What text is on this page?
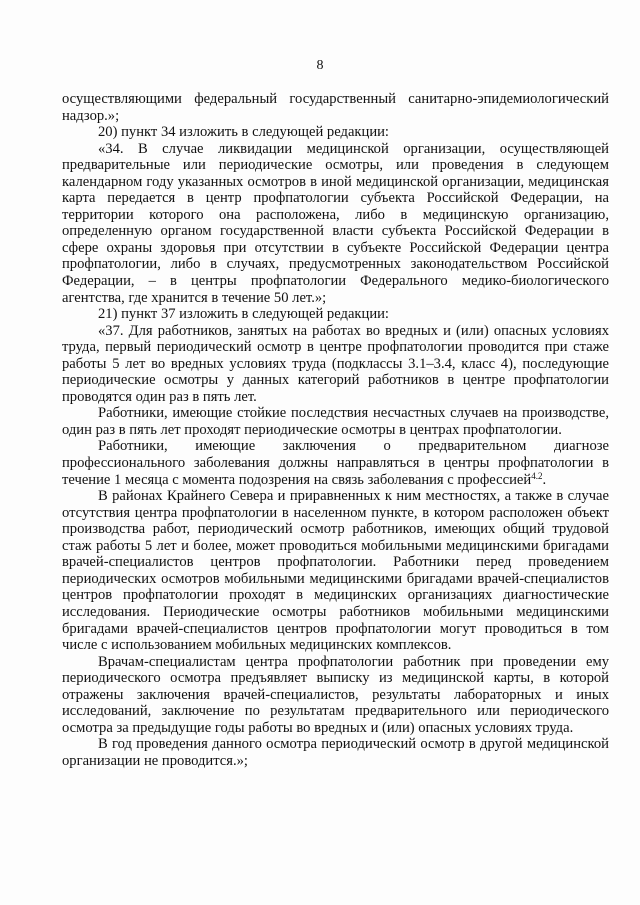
8

осуществляющими федеральный государственный санитарно-эпидемиологический надзор.»;

20) пункт 34 изложить в следующей редакции:

«34. В случае ликвидации медицинской организации, осуществляющей предварительные или периодические осмотры, или проведения в следующем календарном году указанных осмотров в иной медицинской организации, медицинская карта передается в центр профпатологии субъекта Российской Федерации, на территории которого она расположена, либо в медицинскую организацию, определенную органом государственной власти субъекта Российской Федерации в сфере охраны здоровья при отсутствии в субъекте Российской Федерации центра профпатологии, либо в случаях, предусмотренных законодательством Российской Федерации, – в центры профпатологии Федерального медико-биологического агентства, где хранится в течение 50 лет.»;

21) пункт 37 изложить в следующей редакции:

«37. Для работников, занятых на работах во вредных и (или) опасных условиях труда, первый периодический осмотр в центре профпатологии проводится при стаже работы 5 лет во вредных условиях труда (подклассы 3.1–3.4, класс 4), последующие периодические осмотры у данных категорий работников в центре профпатологии проводятся один раз в пять лет.

Работники, имеющие стойкие последствия несчастных случаев на производстве, один раз в пять лет проходят периодические осмотры в центрах профпатологии.

Работники, имеющие заключения о предварительном диагнозе профессионального заболевания должны направляться в центры профпатологии в течение 1 месяца с момента подозрения на связь заболевания с профессией$^{4.2}$.

В районах Крайнего Севера и приравненных к ним местностях, а также в случае отсутствия центра профпатологии в населенном пункте, в котором расположен объект производства работ, периодический осмотр работников, имеющих общий трудовой стаж работы 5 лет и более, может проводиться мобильными медицинскими бригадами врачей-специалистов центров профпатологии. Работники перед проведением периодических осмотров мобильными медицинскими бригадами врачей-специалистов центров профпатологии проходят в медицинских организациях диагностические исследования. Периодические осмотры работников мобильными медицинскими бригадами врачей-специалистов центров профпатологии могут проводиться в том числе с использованием мобильных медицинских комплексов.

Врачам-специалистам центра профпатологии работник при проведении ему периодического осмотра предъявляет выписку из медицинской карты, в которой отражены заключения врачей-специалистов, результаты лабораторных и иных исследований, заключение по результатам предварительного или периодического осмотра за предыдущие годы работы во вредных и (или) опасных условиях труда.

В год проведения данного осмотра периодический осмотр в другой медицинской организации не проводится.»;
